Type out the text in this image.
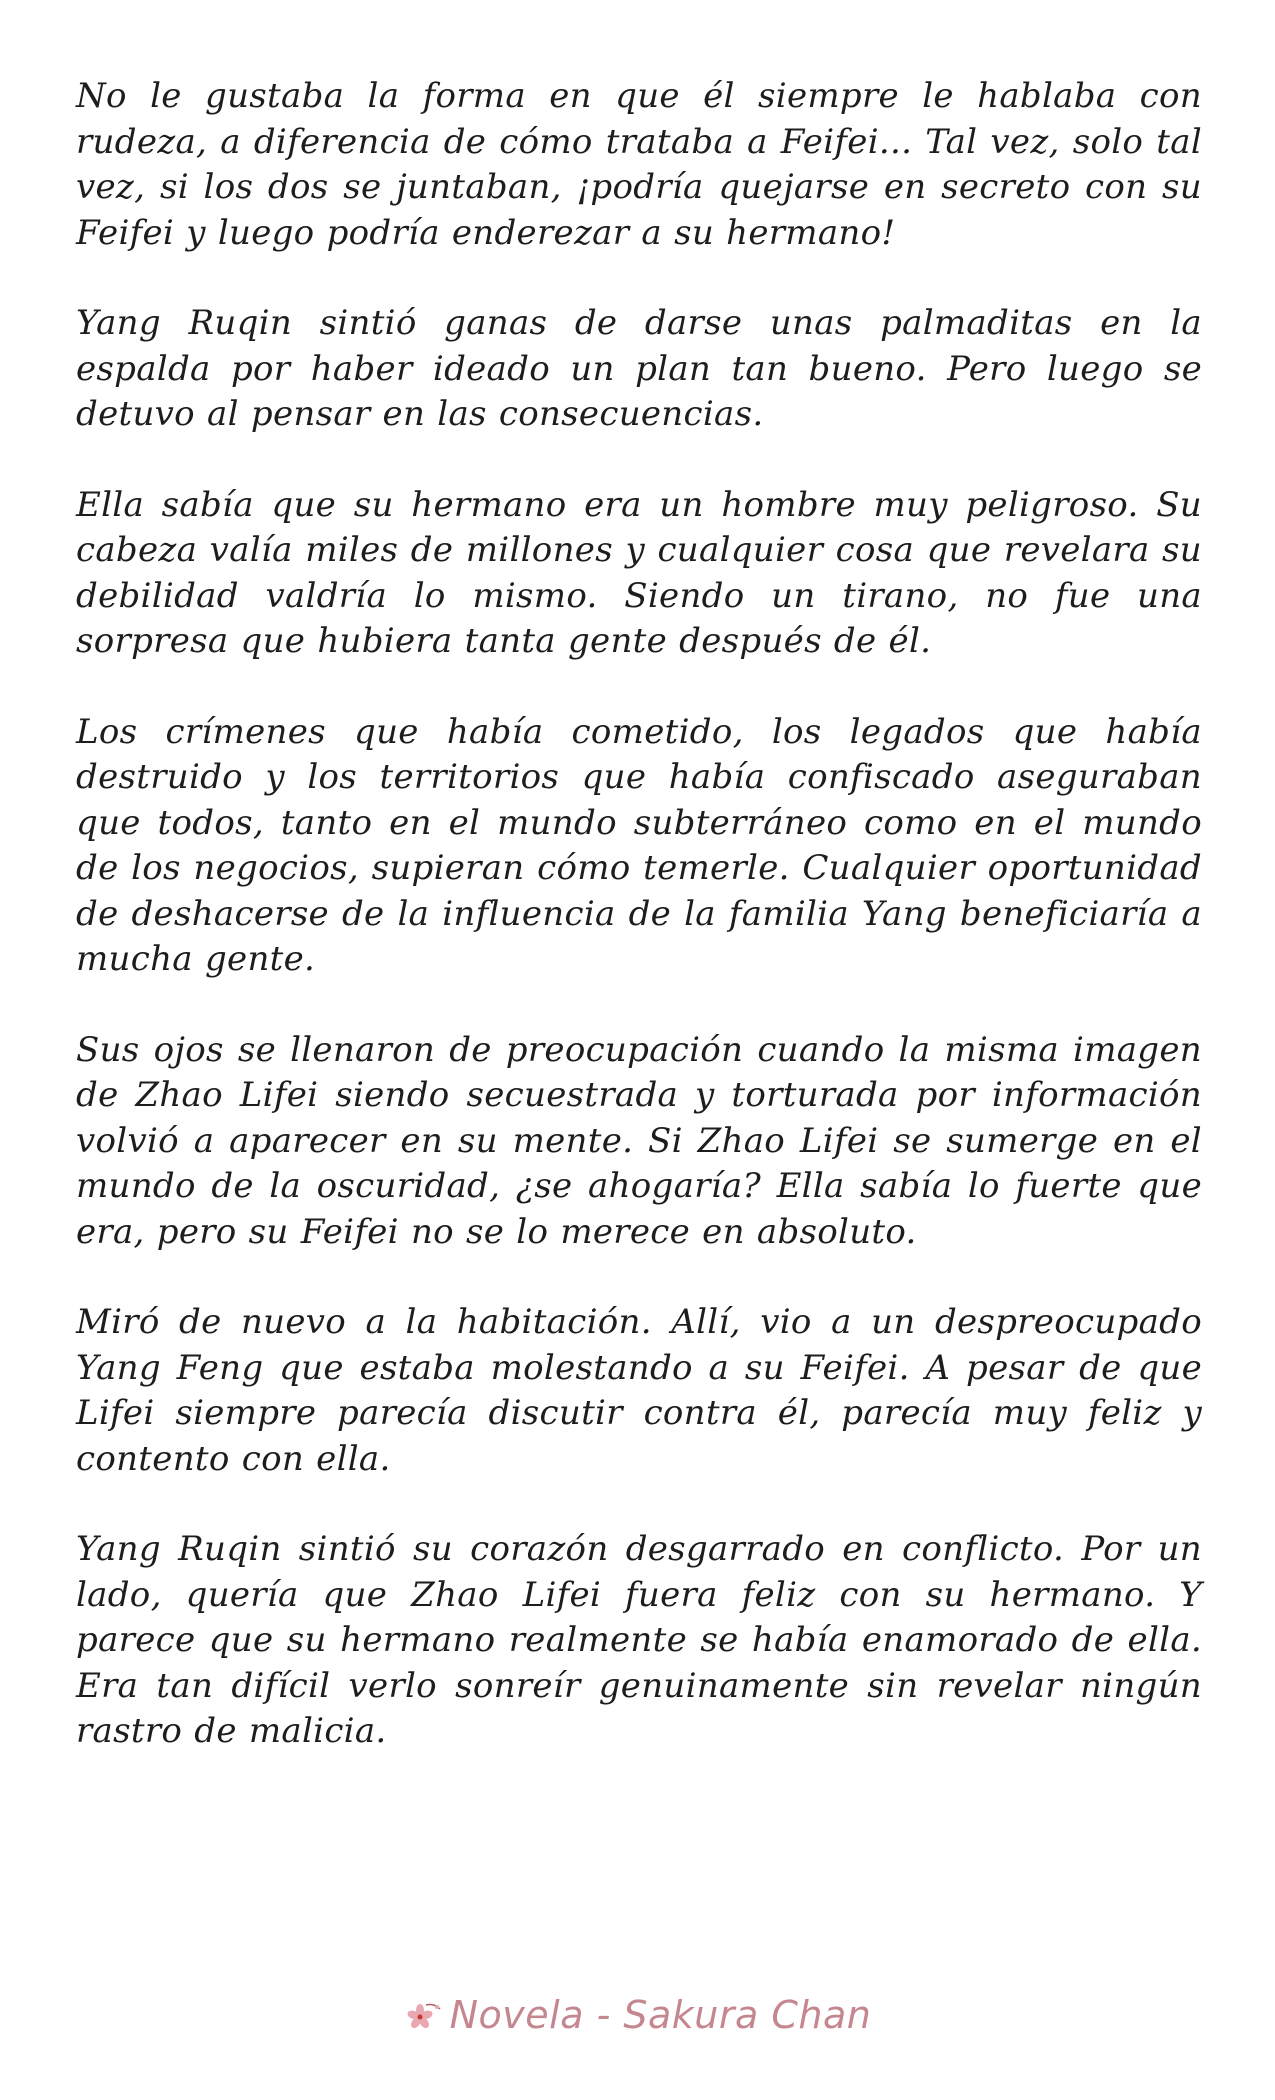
No le gustaba la forma en que él siempre le hablaba con rudeza, a diferencia de cómo trataba a Feifei... Tal vez, solo tal vez, si los dos se juntaban, ¡podría quejarse en secreto con su Feifei y luego podría enderezar a su hermano!

Yang Ruqin sintió ganas de darse unas palmaditas en la espalda por haber ideado un plan tan bueno. Pero luego se detuvo al pensar en las consecuencias.

Ella sabía que su hermano era un hombre muy peligroso. Su cabeza valía miles de millones y cualquier cosa que revelara su debilidad valdría lo mismo. Siendo un tirano, no fue una sorpresa que hubiera tanta gente después de él.

Los crímenes que había cometido, los legados que había destruido y los territorios que había confiscado aseguraban que todos, tanto en el mundo subterráneo como en el mundo de los negocios, supieran cómo temerle. Cualquier oportunidad de deshacerse de la influencia de la familia Yang beneficiaría a mucha gente.

Sus ojos se llenaron de preocupación cuando la misma imagen de Zhao Lifei siendo secuestrada y torturada por información volvió a aparecer en su mente. Si Zhao Lifei se sumerge en el mundo de la oscuridad, ¿se ahogaría? Ella sabía lo fuerte que era, pero su Feifei no se lo merece en absoluto.

Miró de nuevo a la habitación. Allí, vio a un despreocupado Yang Feng que estaba molestando a su Feifei. A pesar de que Lifei siempre parecía discutir contra él, parecía muy feliz y contento con ella.

Yang Ruqin sintió su corazón desgarrado en conflicto. Por un lado, quería que Zhao Lifei fuera feliz con su hermano. Y parece que su hermano realmente se había enamorado de ella. Era tan difícil verlo sonreír genuinamente sin revelar ningún rastro de malicia.

Novela - Sakura Chan
